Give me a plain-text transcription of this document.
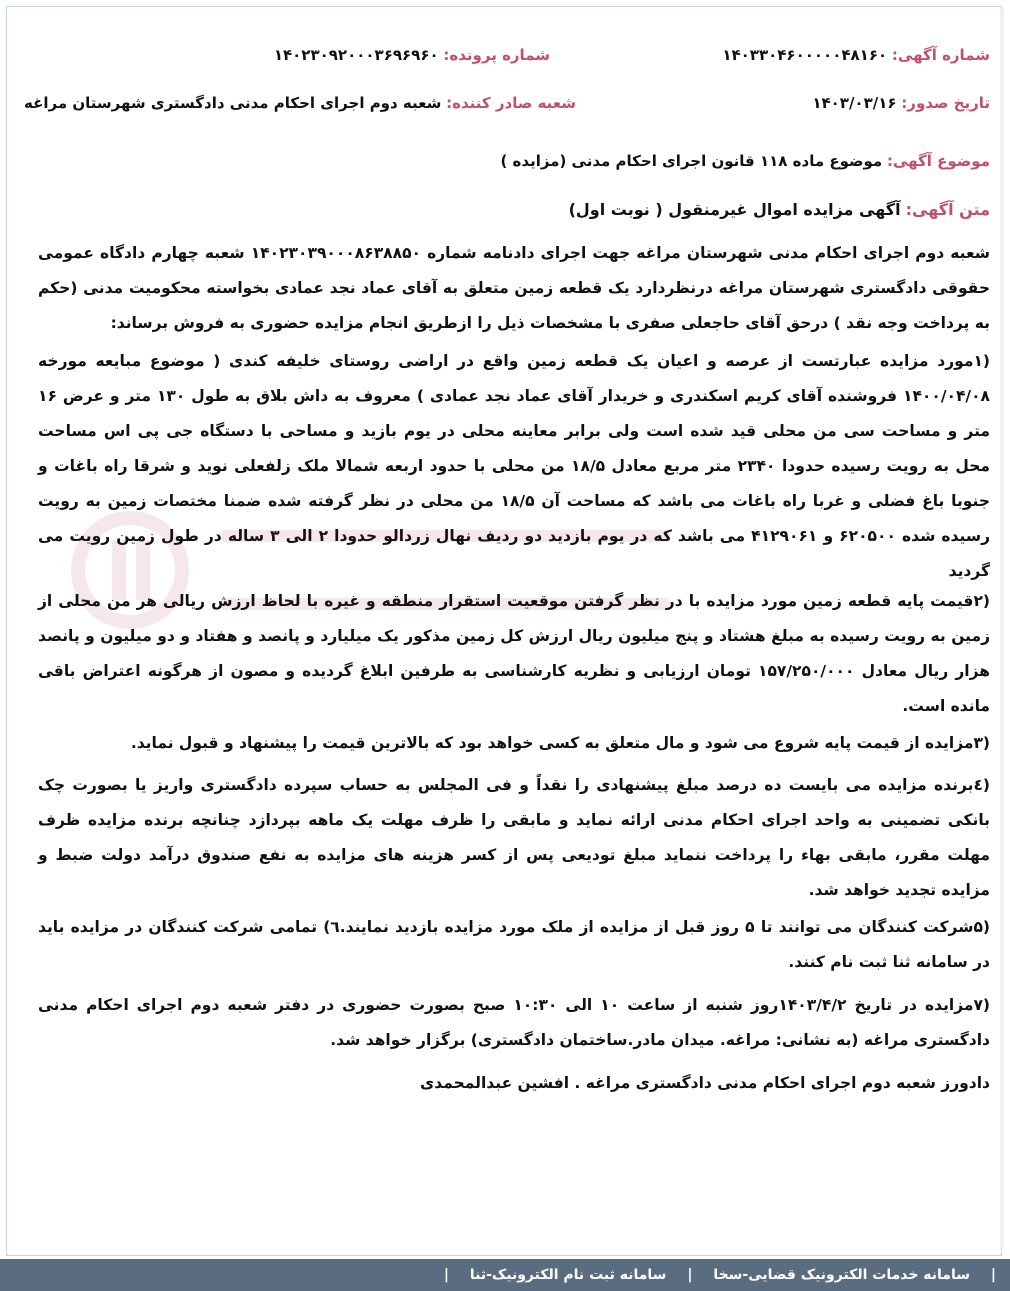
شماره آگهی: ۱۴۰۳۳۰۴۶۰۰۰۰۰۴۸۱۶۰
شماره پرونده: ۱۴۰۲۳۰۹۲۰۰۰۳۶۹۶۹۶۰
تاریخ صدور: ۱۴۰۳/۰۳/۱۶
شعبه صادر کننده: شعبه دوم اجرای احکام مدنی دادگستری شهرستان مراغه
موضوع آگهی: موضوع ماده ۱۱۸ قانون اجرای احکام مدنی (مزایده )
متن آگهی: آگهی مزایده اموال غیرمنقول ( نوبت اول)
شعبه دوم اجرای احکام مدنی شهرستان مراغه جهت اجرای دادنامه شماره ۱۴۰۲۳۰۳۹۰۰۰۸۶۳۸۸۵۰ شعبه چهارم دادگاه عمومی حقوقی دادگستری شهرستان مراغه درنظردارد یک قطعه زمین متعلق به آقای عماد نجد عمادی بخواسته محکومیت مدنی (حکم به پرداخت وجه نقد ) درحق آقای حاجعلی صفری با مشخصات ذیل را ازطریق انجام مزایده حضوری به فروش برساند:
(۱مورد مزایده عبارتست از عرصه و اعیان یک قطعه زمین واقع در اراضی روستای خلیفه کندی ( موضوع مبایعه مورخه ۱۴۰۰/۰۴/۰۸ فروشنده آقای کریم اسکندری و خریدار آقای عماد نجد عمادی ) معروف به داش بلاق به طول ۱۳۰ متر و عرض ۱۶ متر و مساحت سی من محلی قید شده است ولی برابر معاینه محلی در یوم بازید و مساحی با دستگاه جی پی اس مساحت محل به رویت رسیده حدودا ۲۳۴۰ متر مربع معادل ۱۸/۵ من محلی با حدود اربعه شمالا ملک زلفعلی نوید و شرقا راه باغات و جنوبا باغ فضلی و غربا راه باغات می باشد که مساحت آن ۱۸/۵ من محلی در نظر گرفته شده ضمنا مختصات زمین به رویت رسیده شده ۶۲۰۵۰۰ و ۴۱۲۹۰۶۱ می باشد که در یوم بازدید دو ردیف نهال زردالو حدودا ۲ الی ۳ ساله در طول زمین رویت می گردید
(۲قیمت پایه قطعه زمین مورد مزایده با در نظر گرفتن موقعیت استقرار منطقه و غیره با لحاظ ارزش ریالی هر من محلی از زمین به رویت رسیده به مبلغ هشتاد و پنج میلیون ریال ارزش کل زمین مذکور یک میلیارد و پانصد و هفتاد و دو میلیون و پانصد هزار ریال معادل ۱۵۷/۲۵۰/۰۰۰ تومان ارزیابی و نظریه کارشناسی به طرفین ابلاغ گردیده و مصون از هرگونه اعتراض باقی مانده است.
(۳مزایده از قیمت پایه شروع می شود و مال متعلق به کسی خواهد بود که بالاترین قیمت را پیشنهاد و قبول نماید.
(٤برنده مزایده می بایست ده درصد مبلغ پیشنهادی را نقداً و فی المجلس به حساب سپرده دادگستری واریز یا بصورت چک بانکی تضمینی به واحد اجرای احکام مدنی ارائه نماید و مابقی را ظرف مهلت یک ماهه بپردازد چنانچه برنده مزایده ظرف مهلت مقرر، مابقی بهاء را پرداخت ننماید مبلغ تودیعی پس از کسر هزینه های مزایده به نفع صندوق درآمد دولت ضبط و مزایده تجدید خواهد شد.
(۵شرکت کنندگان می توانند تا ۵ روز قبل از مزایده از ملک مورد مزایده بازدید نمایند.٦) تمامی شرکت کنندگان در مزایده باید در سامانه ثنا ثبت نام کنند.
(۷مزایده در تاریخ ۱۴۰۳/۴/۲روز شنبه از ساعت ۱۰ الی ۱۰:۳۰ صبح بصورت حضوری در دفتر شعبه دوم اجرای احکام مدنی دادگستری مراغه (به نشانی: مراغه. میدان مادر.ساختمان دادگستری) برگزار خواهد شد.
دادورز شعبه دوم اجرای احکام مدنی دادگستری مراغه . افشین عبدالمحمدی
| سامانه خدمات الکترونیک قضایی-سخا | سامانه ثبت نام الکترونیک-ثنا |
